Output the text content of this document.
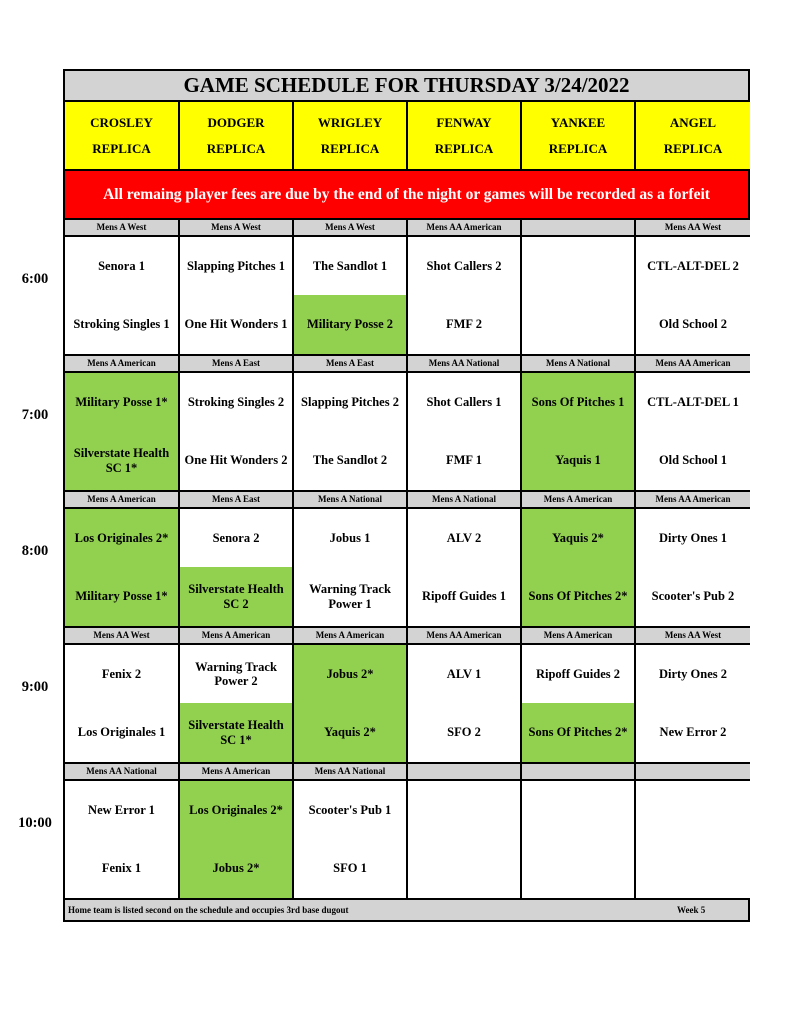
GAME SCHEDULE FOR THURSDAY 3/24/2022
CROSLEY
REPLICA
DODGER
REPLICA
WRIGLEY
REPLICA
FENWAY
REPLICA
YANKEE
REPLICA
ANGEL
REPLICA
All remaing player fees are due by the end of the night or games will be recorded as a forfeit
Mens A West
Senora 1
Stroking Singles 1
Mens A West
Slapping Pitches 1
One Hit Wonders 1
Mens A West
The Sandlot 1
Military Posse 2
Mens AA American
Shot Callers 2
FMF 2
Mens AA West
CTL-ALT-DEL 2
Old School 2
Mens A American
Military Posse 1*
Silverstate Health SC 1*
Mens A East
Stroking Singles 2
One Hit Wonders 2
Mens A East
Slapping Pitches 2
The Sandlot 2
Mens AA National
Shot Callers 1
FMF 1
Mens A National
Sons Of Pitches 1
Yaquis 1
Mens AA American
CTL-ALT-DEL 1
Old School 1
Mens A American
Los Originales 2*
Military Posse 1*
Mens A East
Senora 2
Silverstate Health SC 2
Mens A National
Jobus 1
Warning Track Power 1
Mens A National
ALV 2
Ripoff Guides 1
Mens A American
Yaquis 2*
Sons Of Pitches 2*
Mens AA American
Dirty Ones 1
Scooter's Pub 2
Mens AA West
Fenix 2
Los Originales 1
Mens A American
Warning Track Power 2
Silverstate Health SC 1*
Mens A American
Jobus 2*
Yaquis 2*
Mens AA American
ALV 1
SFO 2
Mens A American
Ripoff Guides 2
Sons Of Pitches 2*
Mens AA West
Dirty Ones 2
New Error 2
Mens AA National
New Error 1
Fenix 1
Mens A American
Los Originales 2*
Jobus 2*
Mens AA National
Scooter's Pub 1
SFO 1
Home team is listed second on the schedule and occupies 3rd base dugout	Week 5
6:00
7:00
8:00
9:00
10:00
